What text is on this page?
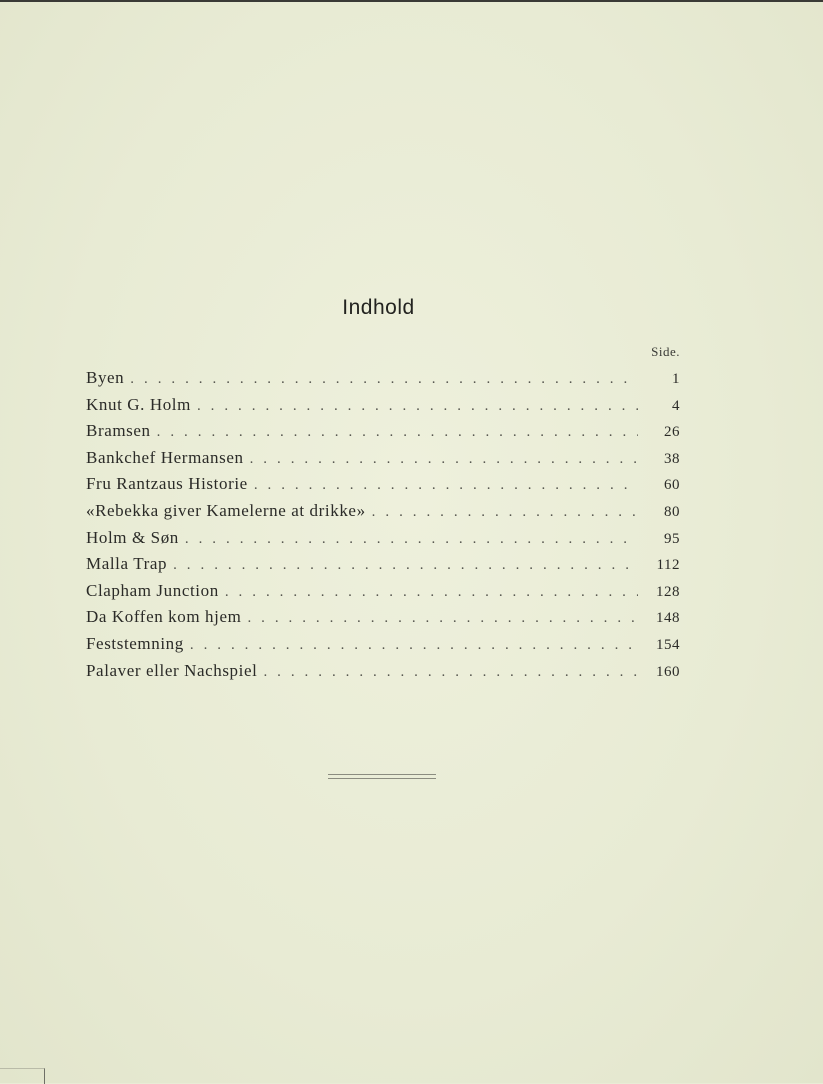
Indhold
Side.
Byen . . .	1
Knut G. Holm . . .	4
Bramsen . . .	26
Bankchef Hermansen . . .	38
Fru Rantzaus Historie . . .	60
«Rebekka giver Kamelerne at drikke» . . .	80
Holm & Søn . . .	95
Malla Trap . . .	112
Clapham Junction . . .	128
Da Koffen kom hjem . . .	148
Feststemning . . .	154
Palaver eller Nachspiel . . .	160
